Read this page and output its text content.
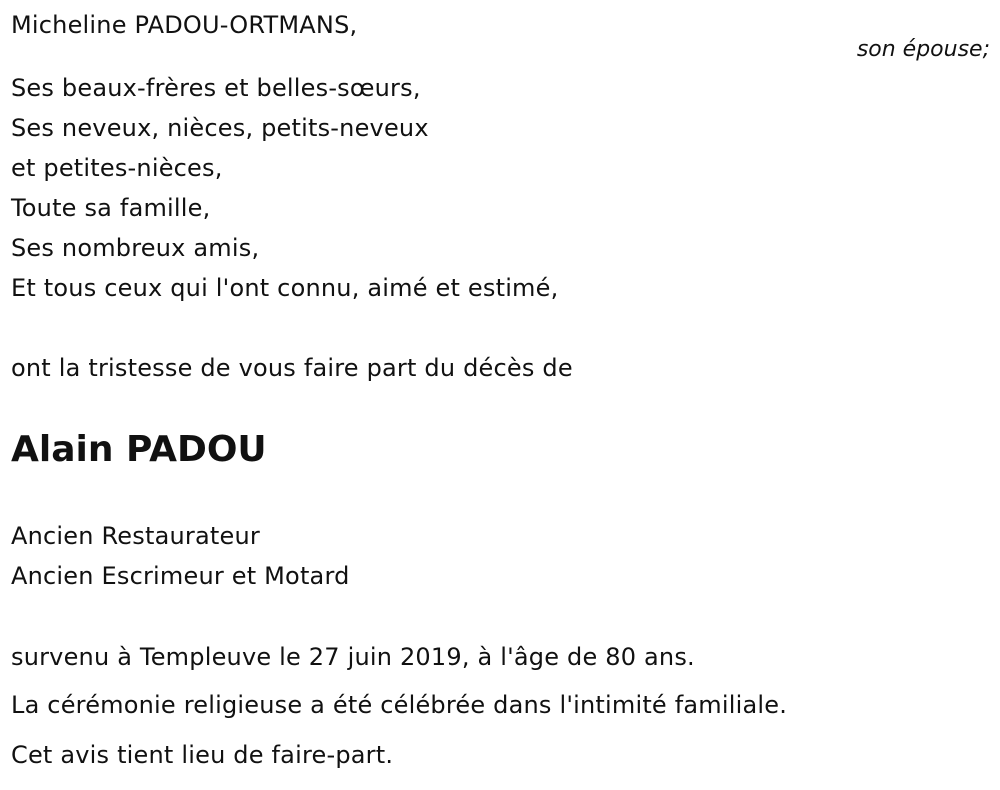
Micheline PADOU-ORTMANS,
son épouse;
Ses beaux-frères et belles-sœurs,
Ses neveux, nièces, petits-neveux
et petites-nièces,
Toute sa famille,
Ses nombreux amis,
Et tous ceux qui l'ont connu, aimé et estimé,
ont la tristesse de vous faire part du décès de
Alain PADOU
Ancien Restaurateur
Ancien Escrimeur et Motard
survenu à Templeuve le 27 juin 2019, à l'âge de 80 ans.
La cérémonie religieuse a été célébrée dans l'intimité familiale.
Cet avis tient lieu de faire-part.
